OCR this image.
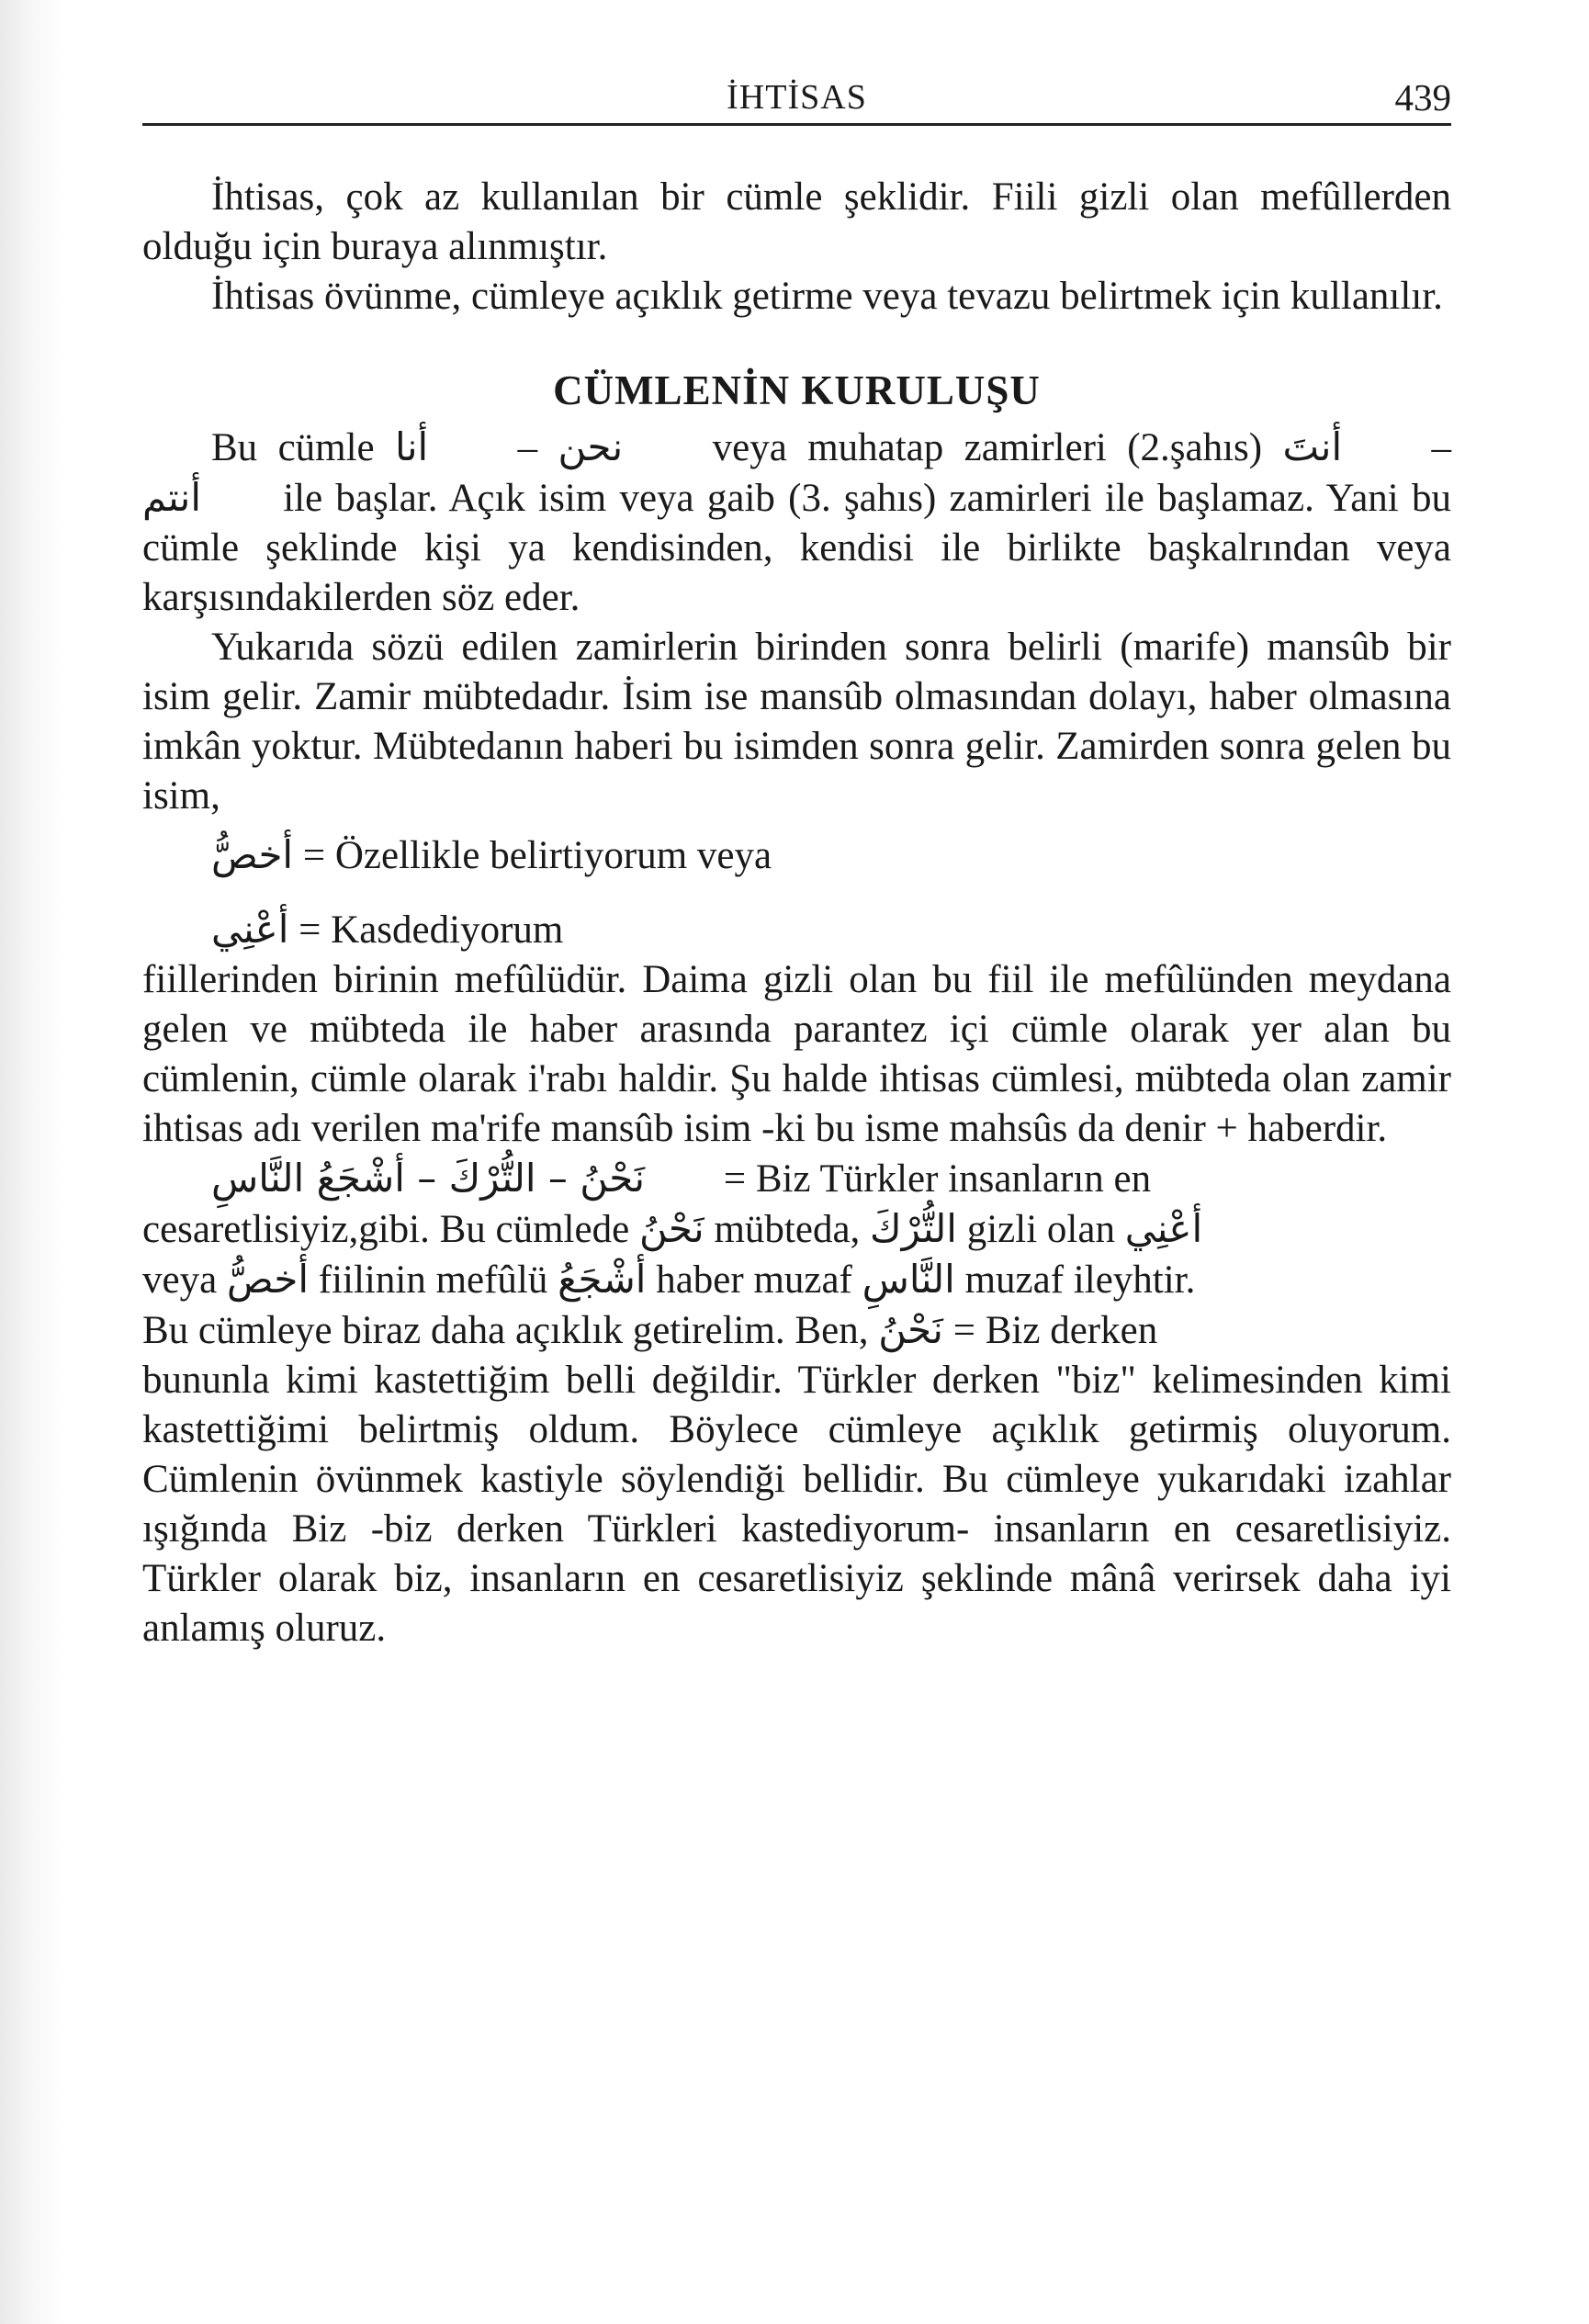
İHTİSAS	439

İhtisas, çok az kullanılan bir cümle şeklidir. Fiili gizli olan mefûllerden olduğu için buraya alınmıştır.

İhtisas övünme, cümleye açıklık getirme veya tevazu belirtmek için kullanılır.

CÜMLENİN KURULUŞU

Bu cümle أنا – نحن veya muhatap zamirleri (2.şahıs) أنتَ – أنتم ile başlar. Açık isim veya gaib (3. şahıs) zamirleri ile başlamaz. Yani bu cümle şeklinde kişi ya kendisinden, kendisi ile birlikte başkalrından veya karşısındakilerden söz eder.

Yukarıda sözü edilen zamirlerin birinden sonra belirli (marife) mansûb bir isim gelir. Zamir mübtedadır. İsim ise mansûb olmasından dolayı, haber olmasına imkân yoktur. Mübtedanın haberi bu isimden sonra gelir. Zamirden sonra gelen bu isim,

أخصُّ = Özellikle belirtiyorum veya
أعْنِي = Kasdediyorum

fiillerinden birinin mefûlüdür. Daima gizli olan bu fiil ile mefûlünden meydana gelen ve mübteda ile haber arasında parantez içi cümle olarak yer alan bu cümlenin, cümle olarak i'rabı haldir. Şu halde ihtisas cümlesi, mübteda olan zamir ihtisas adı verilen ma'rife mansûb isim -ki bu isme mahsûs da denir + haberdir.

نَحْنُ – التُّرْكَ – أشْجَعُ النَّاسِ	= Biz Türkler insanların en

cesaretlisiyiz,gibi. Bu cümlede نَحْنُ mübteda, التُّرْكَ gizli olan أعْنِي

veya أخصُّ fiilinin mefûlü أشْجَعُ haber muzaf النَّاسِ muzaf ileyhtir.

Bu cümleye biraz daha açıklık getirelim. Ben, نَحْنُ = Biz derken

bununla kimi kastettiğim belli değildir. Türkler derken "biz" kelimesinden kimi kastettiğimi belirtmiş oldum. Böylece cümleye açıklık getirmiş oluyorum. Cümlenin övünmek kastiyle söylendiği bellidir. Bu cümleye yukarıdaki izahlar ışığında Biz -biz derken Türkleri kastediyorum- insanların en cesaretlisiyiz. Türkler olarak biz, insanların en cesaretlisiyiz şeklinde mânâ verirsek daha iyi anlamış oluruz.
